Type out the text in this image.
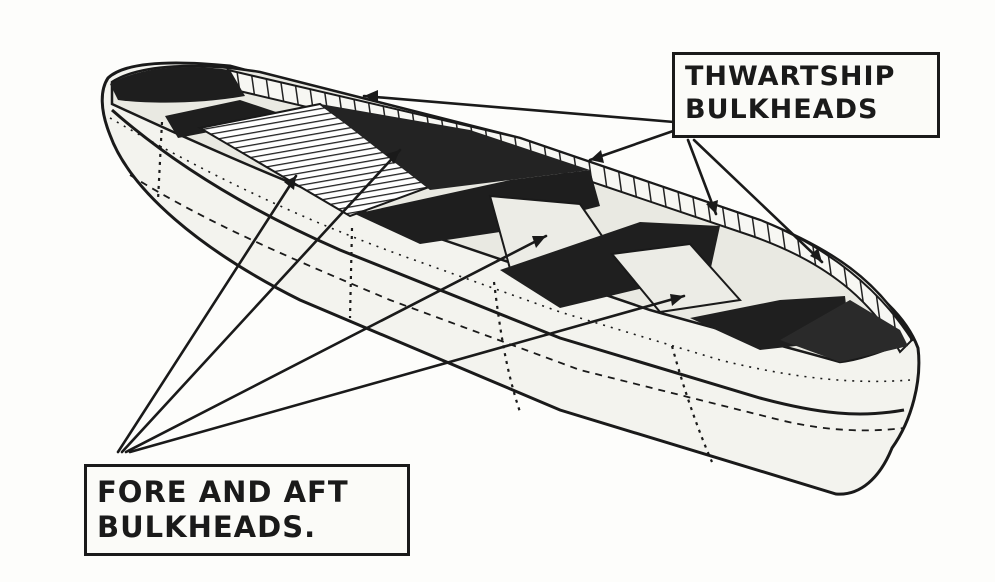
THWARTSHIP
BULKHEADS
FORE AND AFT
BULKHEADS.
